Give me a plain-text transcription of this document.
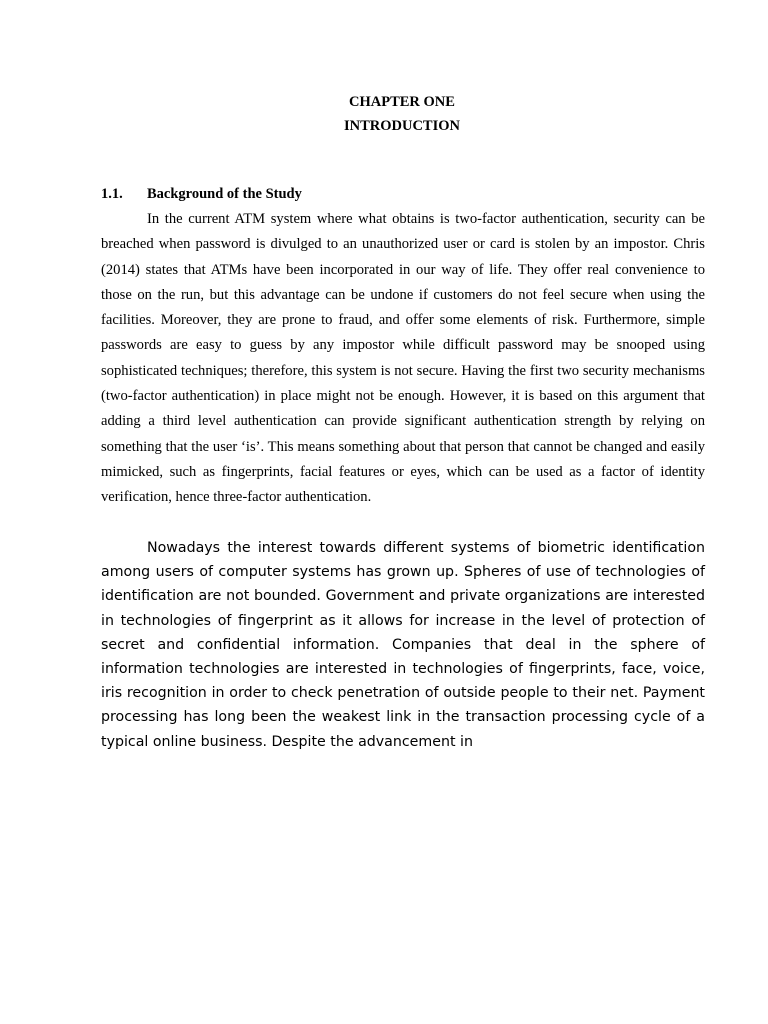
CHAPTER ONE
INTRODUCTION
1.1. Background of the Study

In the current ATM system where what obtains is two-factor authentication, security can be breached when password is divulged to an unauthorized user or card is stolen by an impostor. Chris (2014) states that ATMs have been incorporated in our way of life. They offer real convenience to those on the run, but this advantage can be undone if customers do not feel secure when using the facilities. Moreover, they are prone to fraud, and offer some elements of risk. Furthermore, simple passwords are easy to guess by any impostor while difficult password may be snooped using sophisticated techniques; therefore, this system is not secure. Having the first two security mechanisms (two-factor authentication) in place might not be enough. However, it is based on this argument that adding a third level authentication can provide significant authentication strength by relying on something that the user ‘is’. This means something about that person that cannot be changed and easily mimicked, such as fingerprints, facial features or eyes, which can be used as a factor of identity verification, hence three-factor authentication.

Nowadays the interest towards different systems of biometric identification among users of computer systems has grown up. Spheres of use of technologies of identification are not bounded. Government and private organizations are interested in technologies of fingerprint as it allows for increase in the level of protection of secret and confidential information. Companies that deal in the sphere of information technologies are interested in technologies of fingerprints, face, voice, iris recognition in order to check penetration of outside people to their net. Payment processing has long been the weakest link in the transaction processing cycle of a typical online business. Despite the advancement in
